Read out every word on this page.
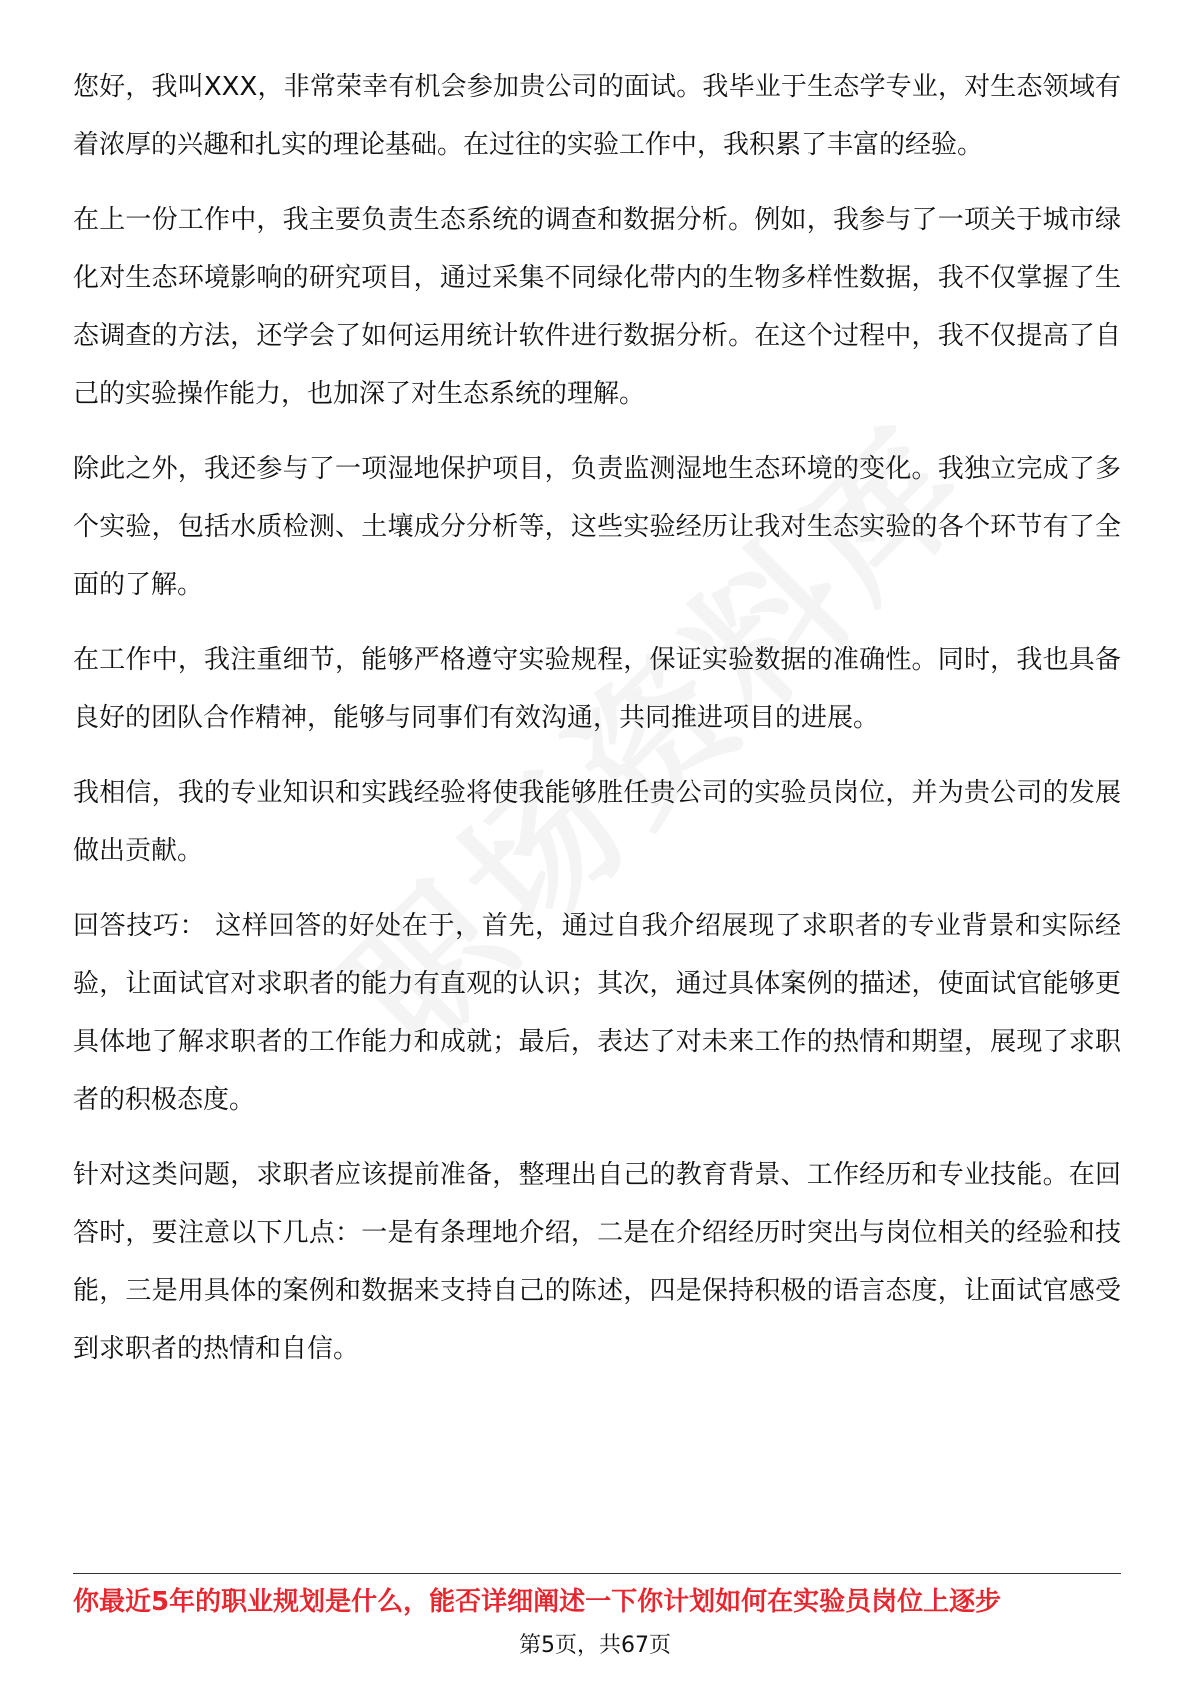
您好，我叫XXX，非常荣幸有机会参加贵公司的面试。我毕业于生态学专业，对生态领域有着浓厚的兴趣和扎实的理论基础。在过往的实验工作中，我积累了丰富的经验。

在上一份工作中，我主要负责生态系统的调查和数据分析。例如，我参与了一项关于城市绿化对生态环境影响的研究项目，通过采集不同绿化带内的生物多样性数据，我不仅掌握了生态调查的方法，还学会了如何运用统计软件进行数据分析。在这个过程中，我不仅提高了自己的实验操作能力，也加深了对生态系统的理解。

除此之外，我还参与了一项湿地保护项目，负责监测湿地生态环境的变化。我独立完成了多个实验，包括水质检测、土壤成分分析等，这些实验经历让我对生态实验的各个环节有了全面的了解。

在工作中，我注重细节，能够严格遵守实验规程，保证实验数据的准确性。同时，我也具备良好的团队合作精神，能够与同事们有效沟通，共同推进项目的进展。

我相信，我的专业知识和实践经验将使我能够胜任贵公司的实验员岗位，并为贵公司的发展做出贡献。

回答技巧： 这样回答的好处在于，首先，通过自我介绍展现了求职者的专业背景和实际经验，让面试官对求职者的能力有直观的认识；其次，通过具体案例的描述，使面试官能够更具体地了解求职者的工作能力和成就；最后，表达了对未来工作的热情和期望，展现了求职者的积极态度。

针对这类问题，求职者应该提前准备，整理出自己的教育背景、工作经历和专业技能。在回答时，要注意以下几点：一是有条理地介绍，二是在介绍经历时突出与岗位相关的经验和技能，三是用具体的案例和数据来支持自己的陈述，四是保持积极的语言态度，让面试官感受到求职者的热情和自信。

你最近5年的职业规划是什么，能否详细阐述一下你计划如何在实验员岗位上逐步
第5页，共67页
